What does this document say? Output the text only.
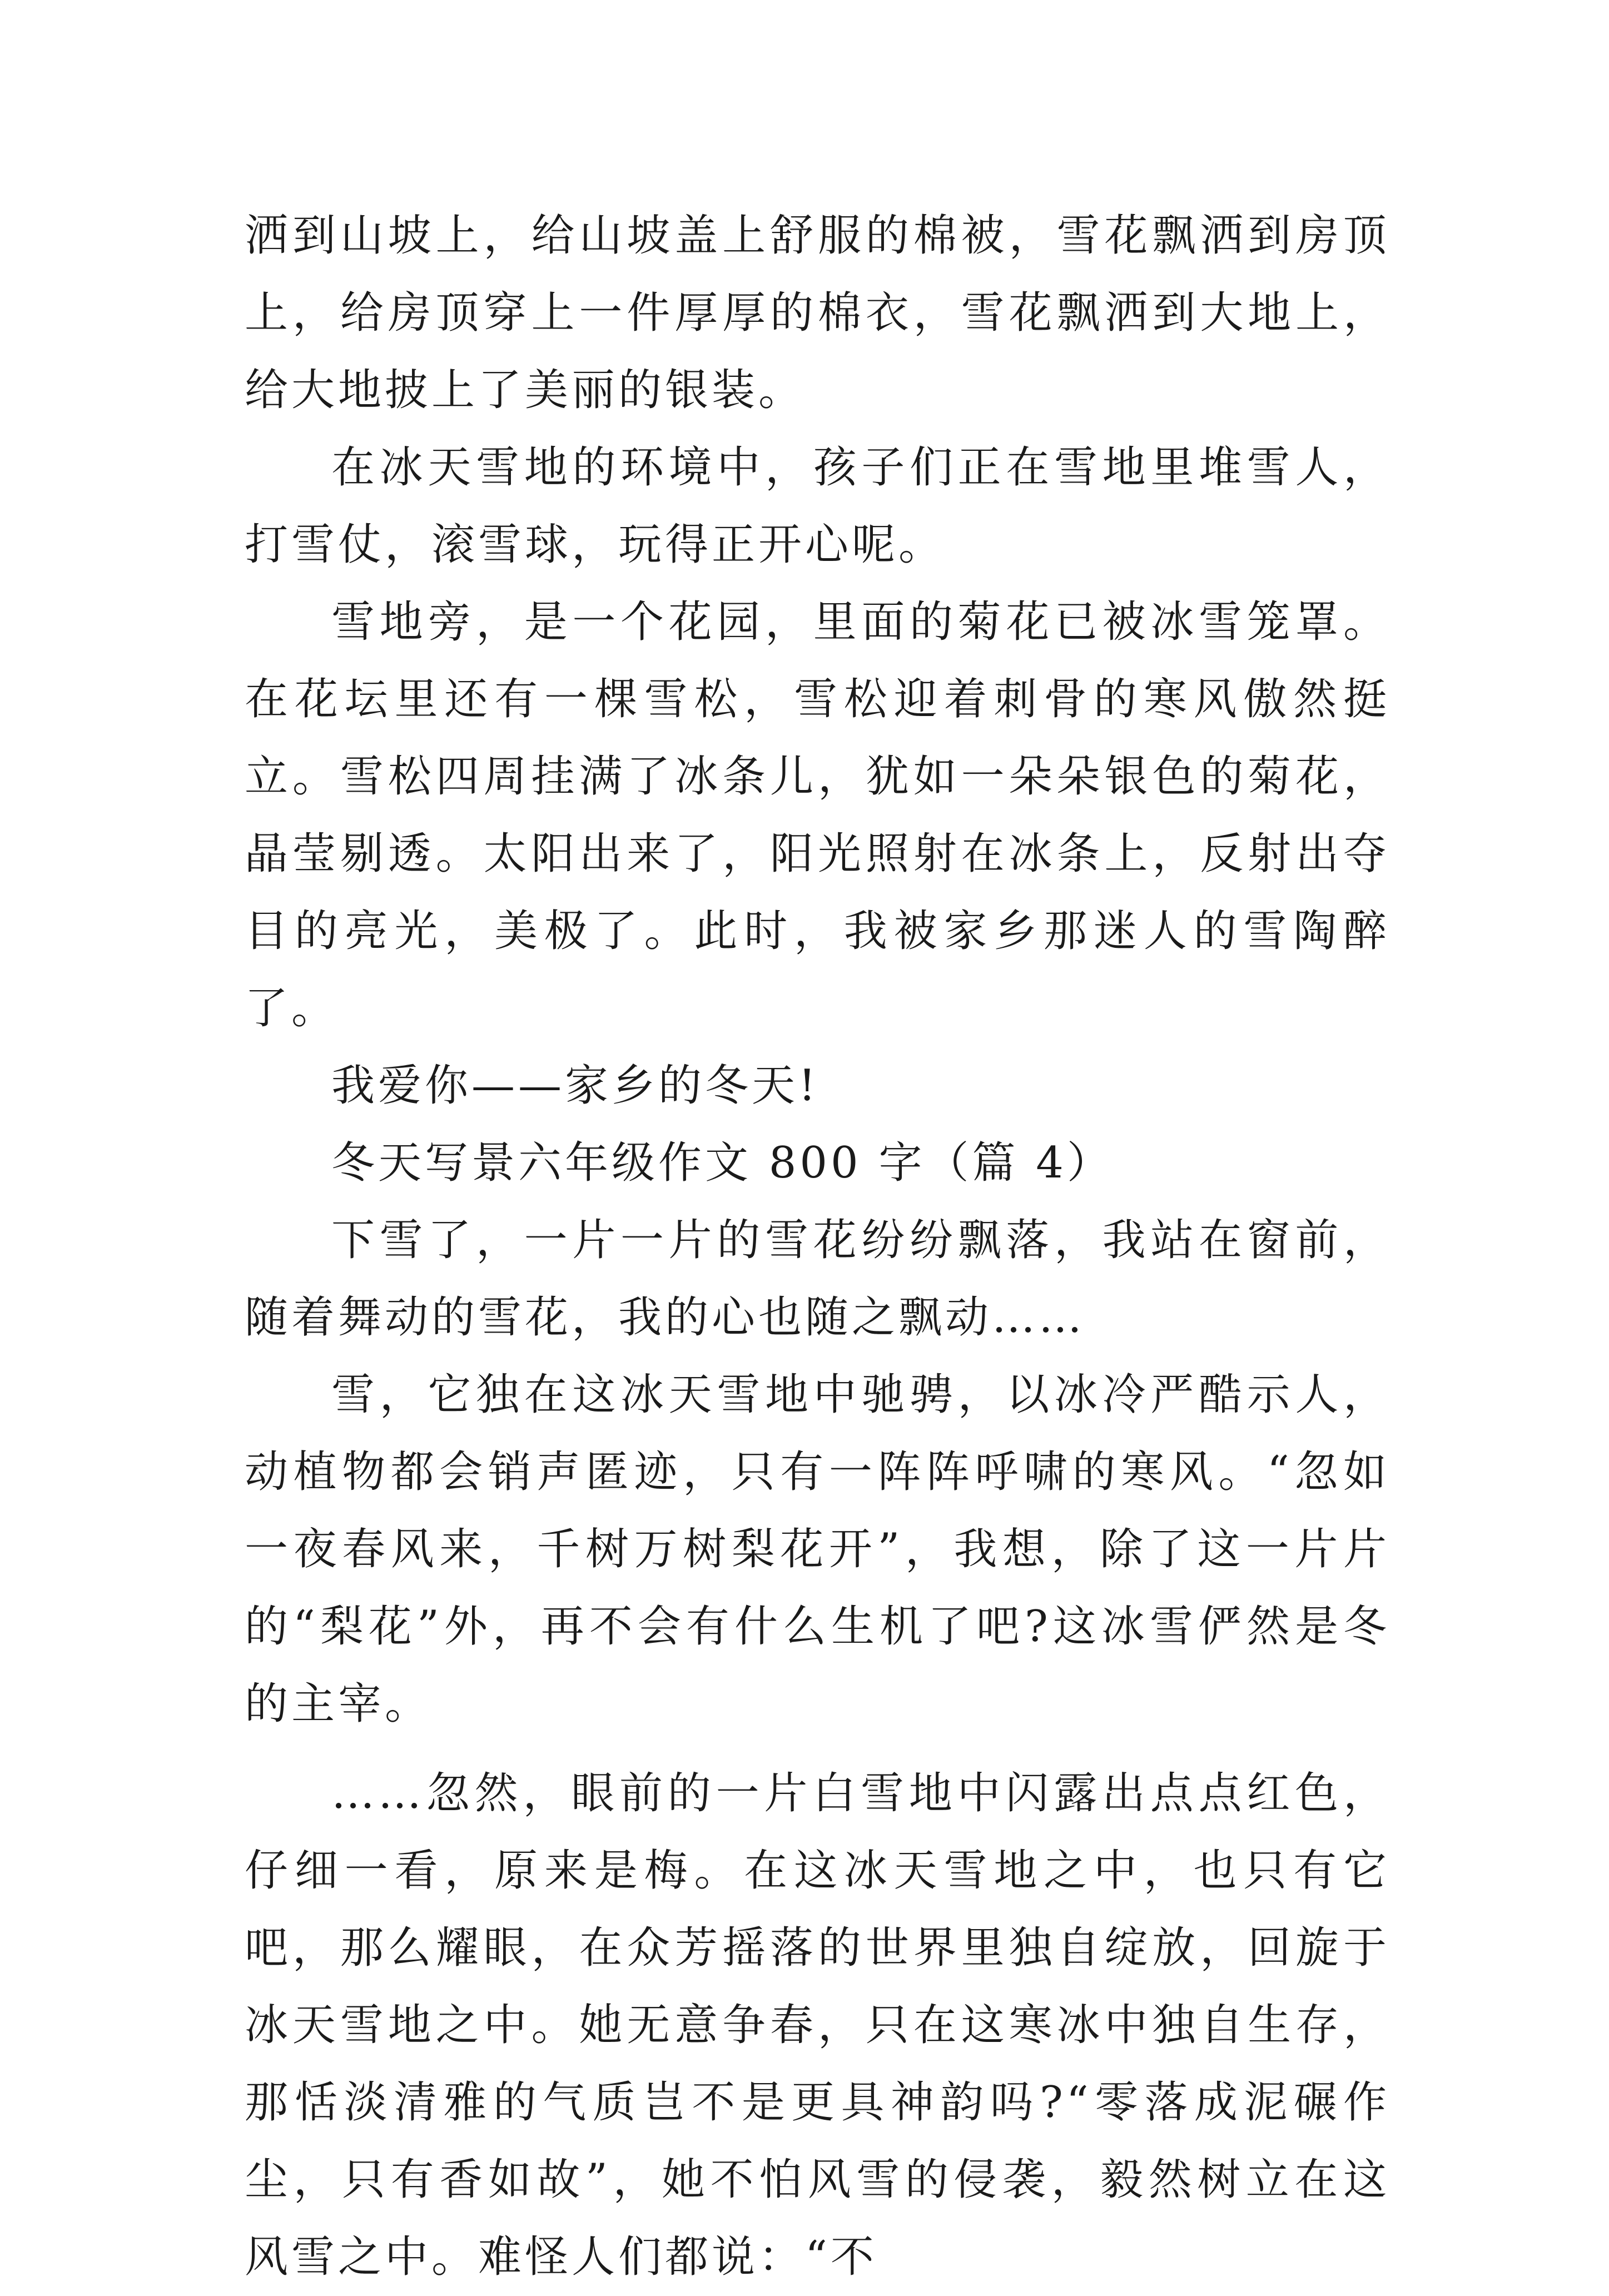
洒到山坡上，给山坡盖上舒服的棉被，雪花飘洒到房顶上，给房顶穿上一件厚厚的棉衣，雪花飘洒到大地上，给大地披上了美丽的银装。

在冰天雪地的环境中，孩子们正在雪地里堆雪人，打雪仗，滚雪球，玩得正开心呢。

雪地旁，是一个花园，里面的菊花已被冰雪笼罩。在花坛里还有一棵雪松，雪松迎着刺骨的寒风傲然挺立。雪松四周挂满了冰条儿，犹如一朵朵银色的菊花，晶莹剔透。太阳出来了，阳光照射在冰条上，反射出夺目的亮光，美极了。此时，我被家乡那迷人的雪陶醉了。

我爱你——家乡的冬天!

冬天写景六年级作文 800 字（篇 4）

下雪了，一片一片的雪花纷纷飘落，我站在窗前，随着舞动的雪花，我的心也随之飘动……

雪，它独在这冰天雪地中驰骋，以冰冷严酷示人，动植物都会销声匿迹，只有一阵阵呼啸的寒风。“忽如一夜春风来，千树万树梨花开”，我想，除了这一片片的“梨花”外，再不会有什么生机了吧?这冰雪俨然是冬的主宰。

……忽然，眼前的一片白雪地中闪露出点点红色，仔细一看，原来是梅。在这冰天雪地之中，也只有它吧，那么耀眼，在众芳摇落的世界里独自绽放，回旋于冰天雪地之中。她无意争春，只在这寒冰中独自生存，那恬淡清雅的气质岂不是更具神韵吗?“零落成泥碾作尘，只有香如故”，她不怕风雪的侵袭，毅然树立在这风雪之中。难怪人们都说：“不
